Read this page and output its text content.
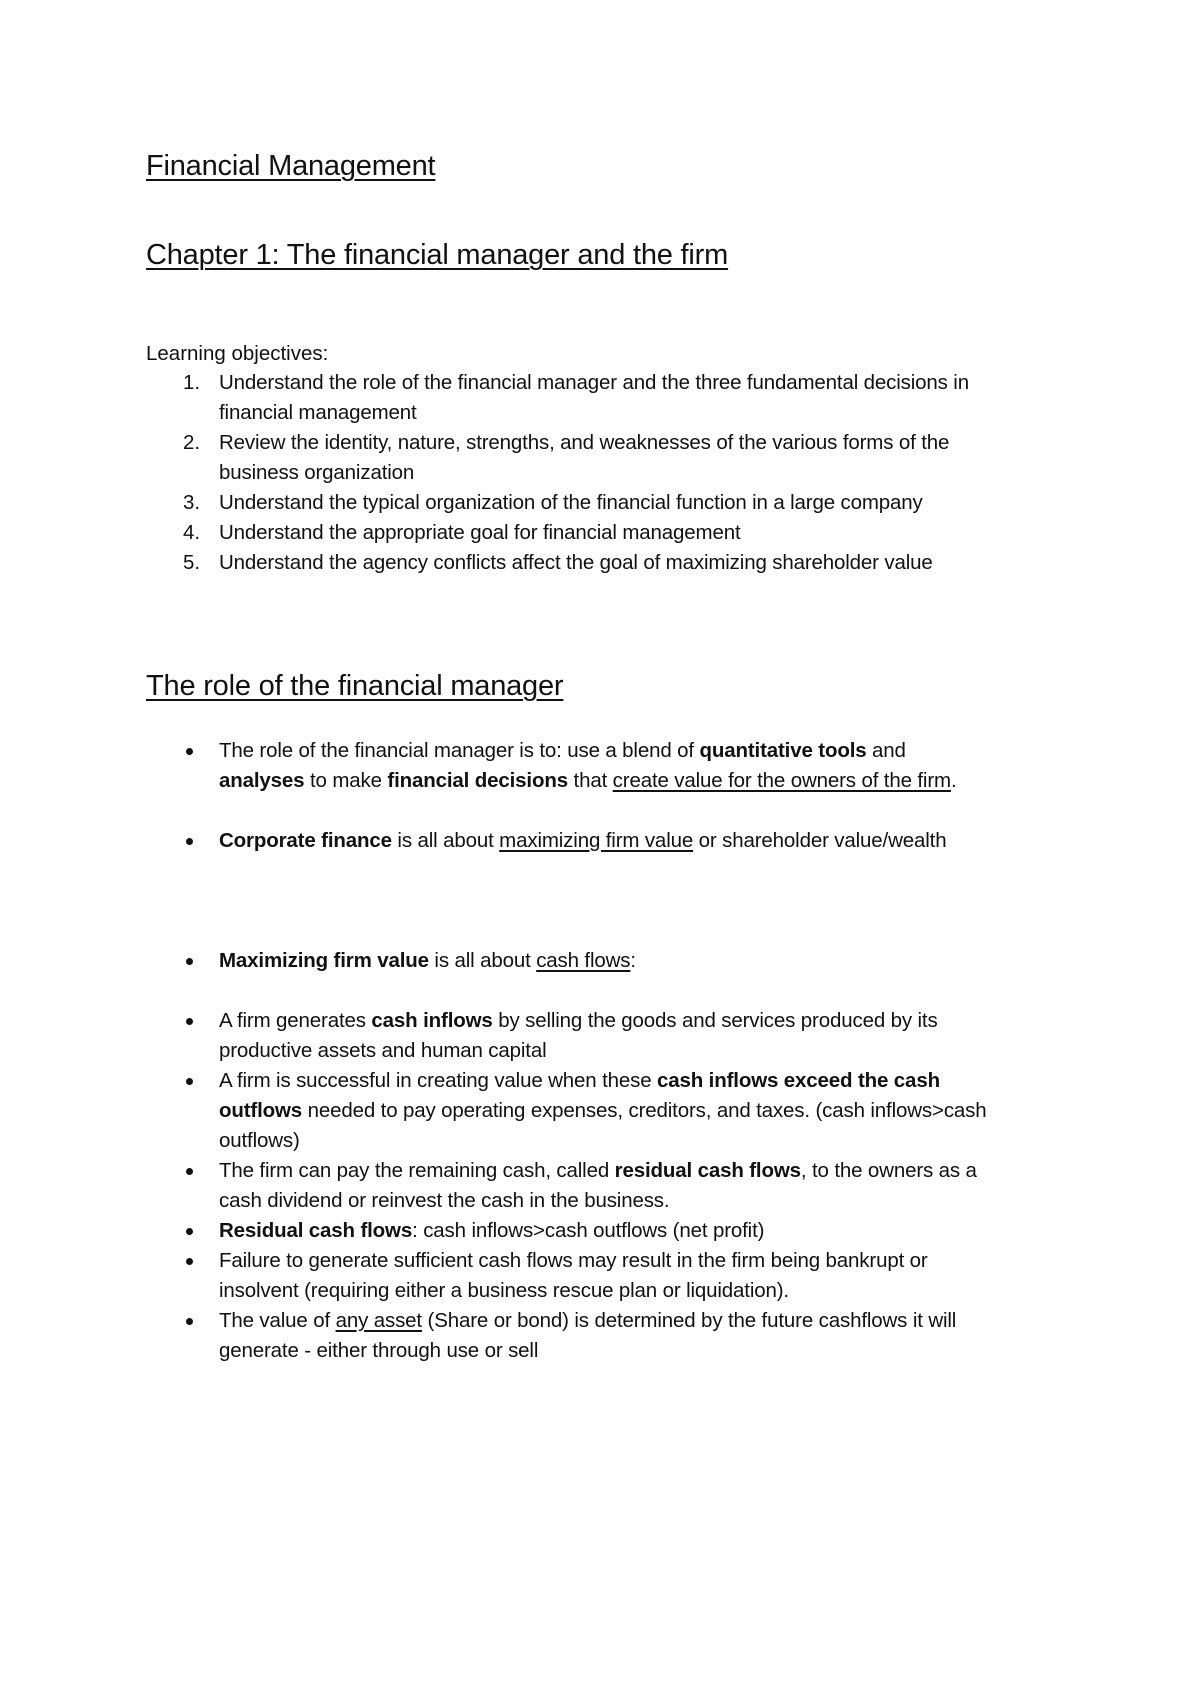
Financial Management
Chapter 1: The financial manager and the firm
Learning objectives:
1. Understand the role of the financial manager and the three fundamental decisions in
financial management
2. Review the identity, nature, strengths, and weaknesses of the various forms of the
business organization
3. Understand the typical organization of the financial function in a large company
4. Understand the appropriate goal for financial management
5. Understand the agency conflicts affect the goal of maximizing shareholder value
The role of the financial manager
The role of the financial manager is to: use a blend of quantitative tools and
analyses to make financial decisions that create value for the owners of the firm.
Corporate finance is all about maximizing firm value or shareholder value/wealth
Maximizing firm value is all about cash flows:
A firm generates cash inflows by selling the goods and services produced by its
productive assets and human capital
A firm is successful in creating value when these cash inflows exceed the cash
outflows needed to pay operating expenses, creditors, and taxes. (cash inflows>cash
outflows)
The firm can pay the remaining cash, called residual cash flows, to the owners as a
cash dividend or reinvest the cash in the business.
Residual cash flows: cash inflows>cash outflows (net profit)
Failure to generate sufficient cash flows may result in the firm being bankrupt or
insolvent (requiring either a business rescue plan or liquidation).
The value of any asset (Share or bond) is determined by the future cashflows it will
generate - either through use or sell
